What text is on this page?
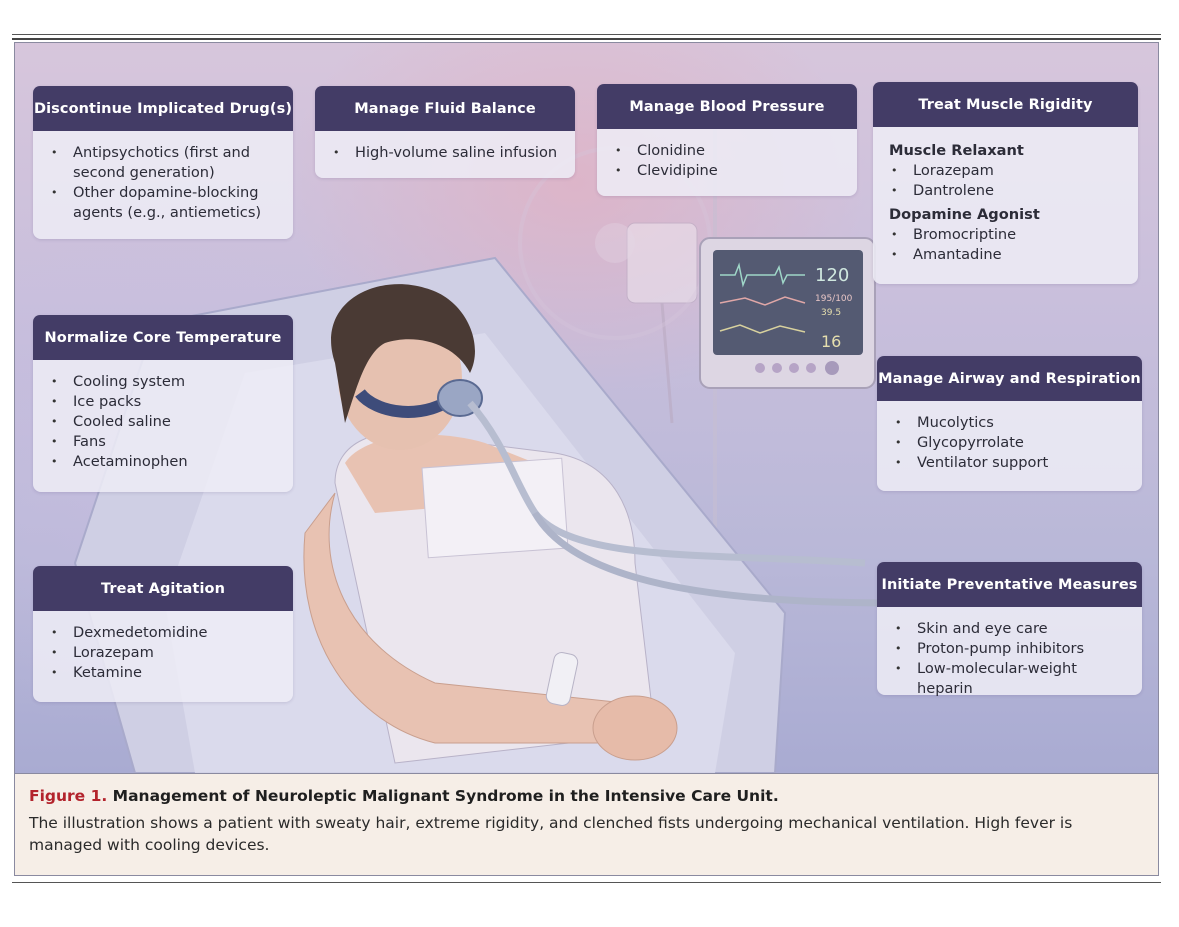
120
195/100
39.5
16
Discontinue Implicated Drug(s)
• Antipsychotics (first and second generation)
• Other dopamine-blocking agents (e.g., antiemetics)
Manage Fluid Balance
• High-volume saline infusion
Manage Blood Pressure
• Clonidine
• Clevidipine
Treat Muscle Rigidity
Muscle Relaxant
• Lorazepam
• Dantrolene
Dopamine Agonist
• Bromocriptine
• Amantadine
Normalize Core Temperature
• Cooling system
• Ice packs
• Cooled saline
• Fans
• Acetaminophen
Manage Airway and Respiration
• Mucolytics
• Glycopyrrolate
• Ventilator support
Treat Agitation
• Dexmedetomidine
• Lorazepam
• Ketamine
Initiate Preventative Measures
• Skin and eye care
• Proton-pump inhibitors
• Low-molecular-weight heparin
Figure 1. Management of Neuroleptic Malignant Syndrome in the Intensive Care Unit.
The illustration shows a patient with sweaty hair, extreme rigidity, and clenched fists undergoing mechanical ventilation. High fever is managed with cooling devices.
